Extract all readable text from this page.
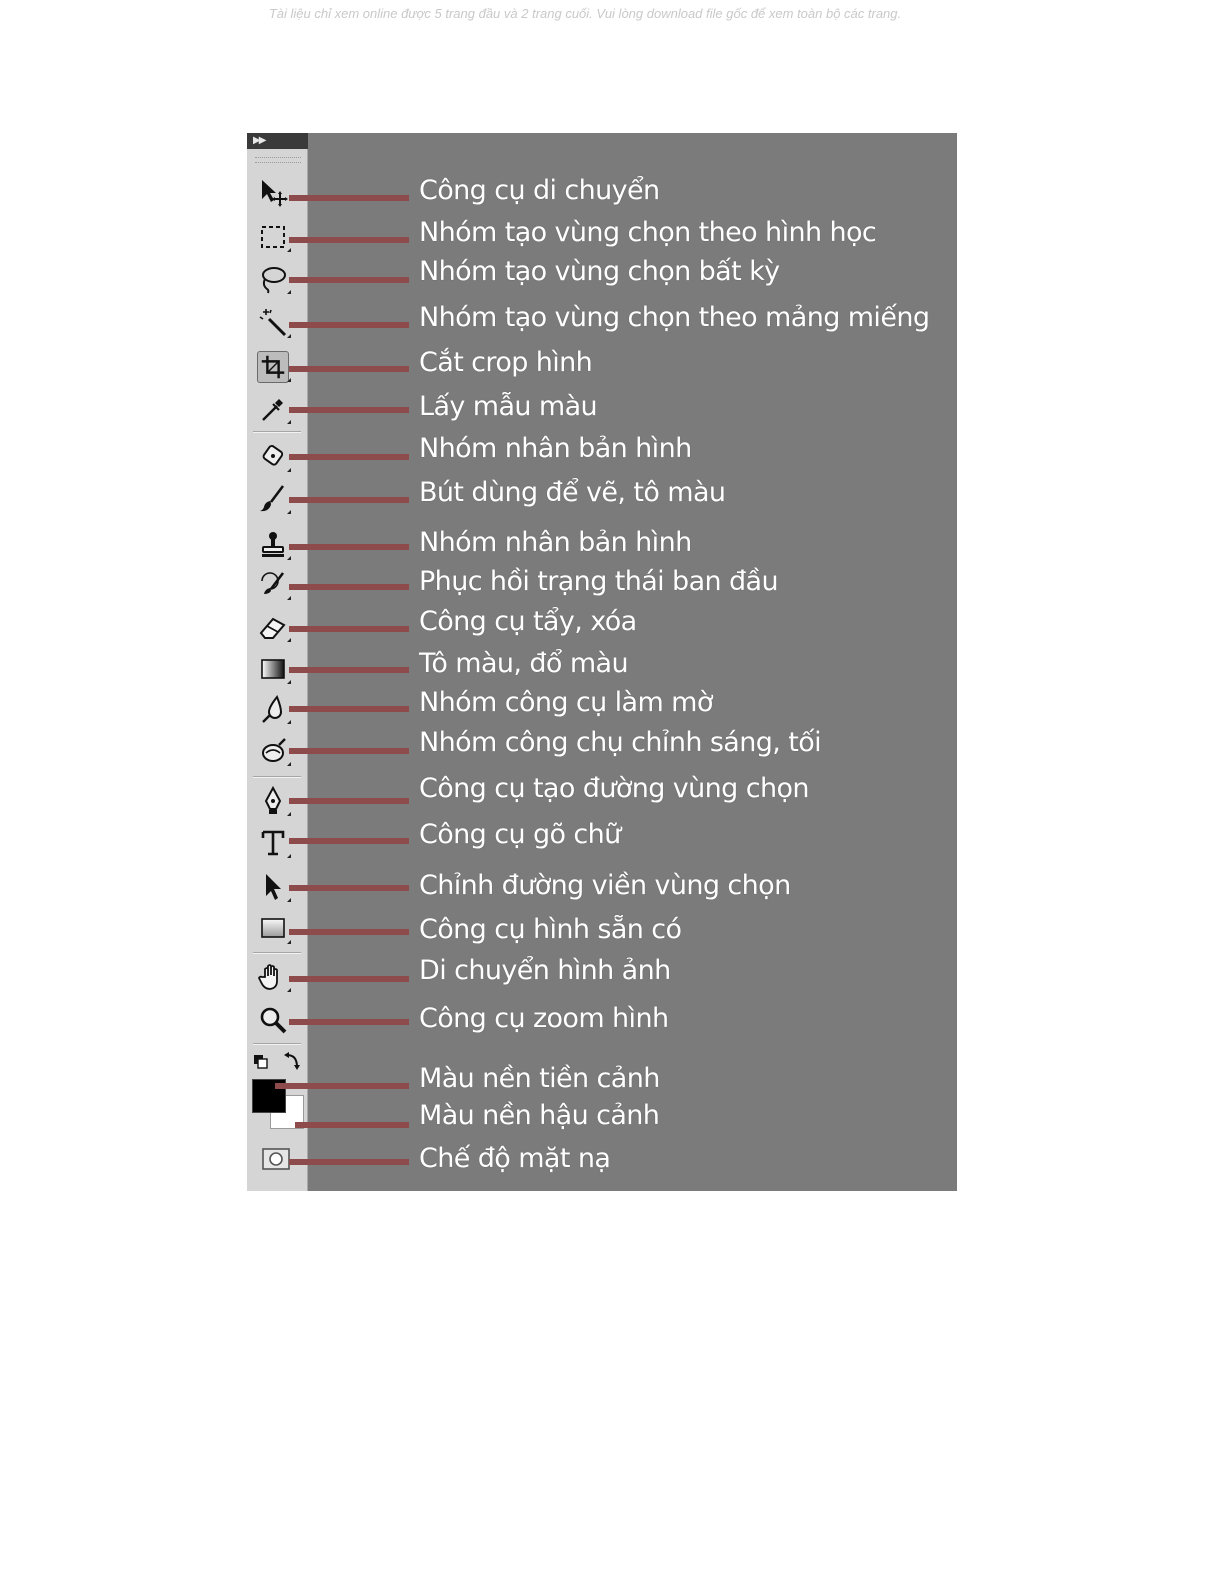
Tài liệu chỉ xem online được 5 trang đầu và 2 trang cuối. Vui lòng download file gốc để xem toàn bộ các trang.
▶▶
Công cụ di chuyển
Nhóm tạo vùng chọn theo hình học
Nhóm tạo vùng chọn bất kỳ
Nhóm tạo vùng chọn theo mảng miếng
Cắt crop hình
Lấy mẫu màu
Nhóm nhân bản hình
Bút dùng để vẽ, tô màu
Nhóm nhân bản hình
Phục hồi trạng thái ban đầu
Công cụ tẩy, xóa
Tô màu, đổ màu
Nhóm công cụ làm mờ
Nhóm công chụ chỉnh sáng, tối
Công cụ tạo đường vùng chọn
Công cụ gõ chữ
Chỉnh đường viền vùng chọn
Công cụ hình sẵn có
Di chuyển hình ảnh
Công cụ zoom hình
Màu nền tiền cảnh
Màu nền hậu cảnh
Chế độ mặt nạ
